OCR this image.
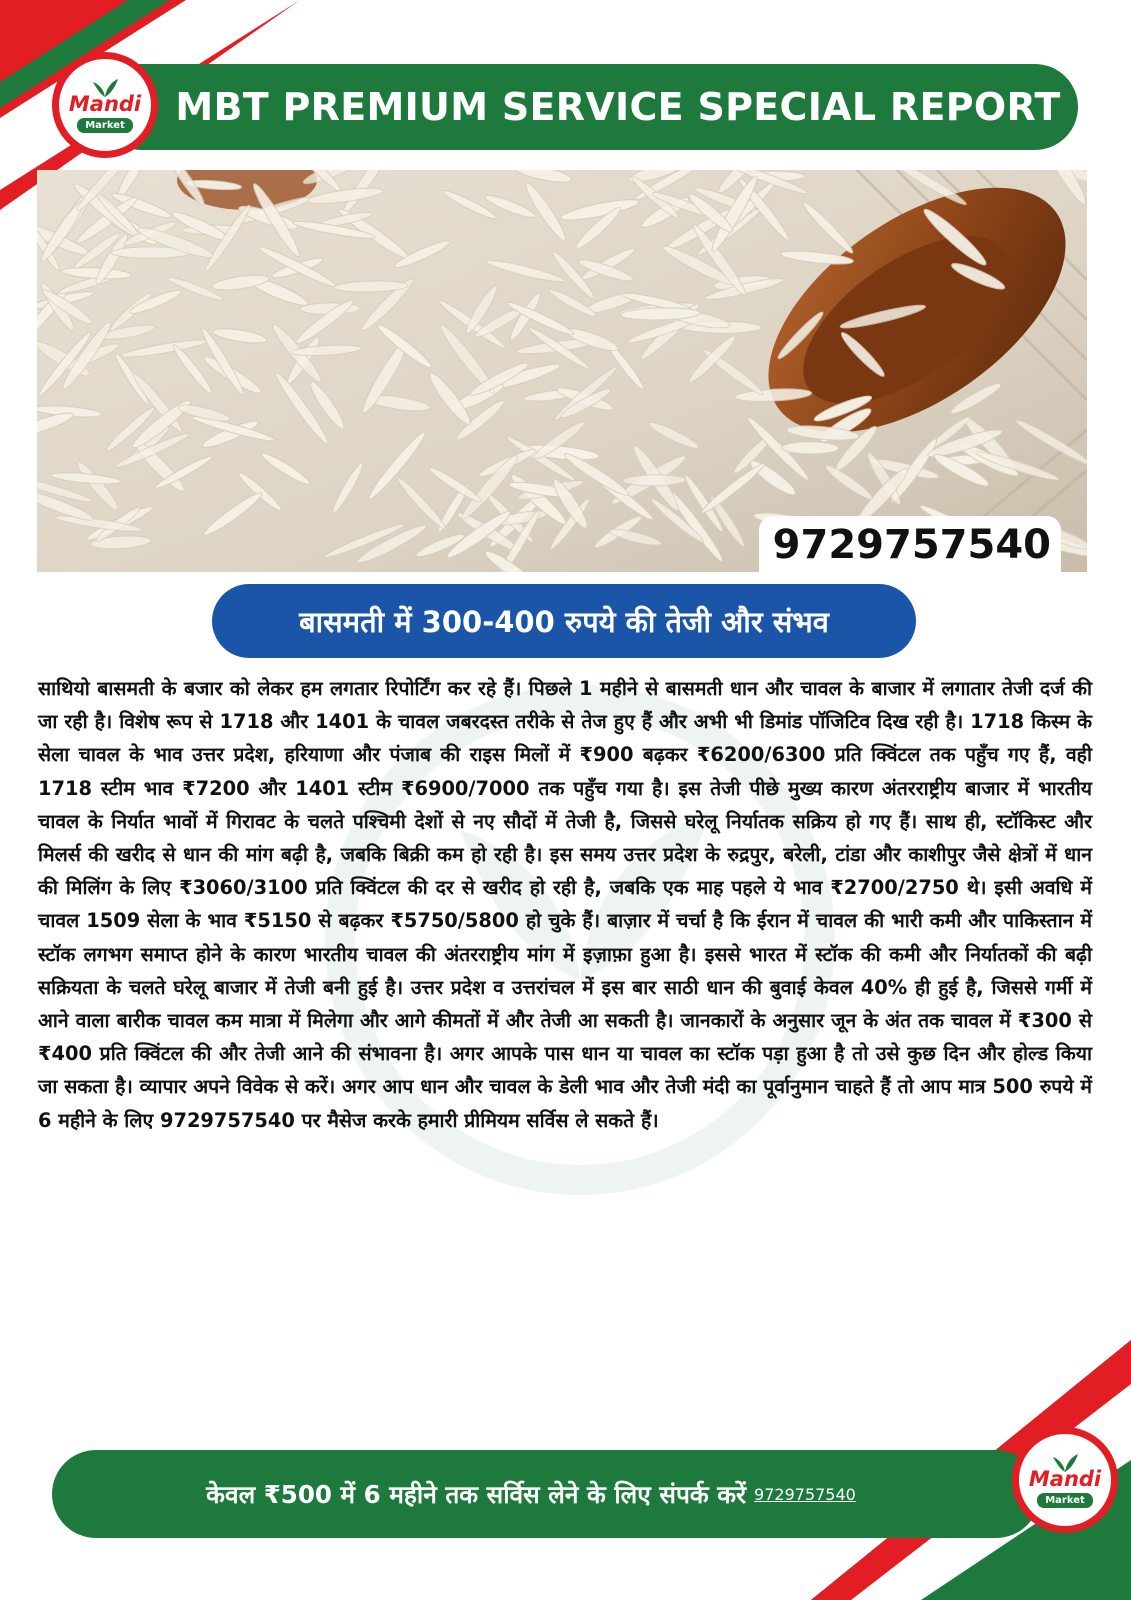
MBT PREMIUM SERVICE SPECIAL REPORT
Mandi
Market
9729757540
बासमती में 300-400 रुपये की तेजी और संभव

साथियो बासमती के बजार को लेकर हम लगतार रिपोर्टिंग कर रहे हैं। पिछले 1 महीने से बासमती धान और चावल के बाजार में लगातार तेजी दर्ज की जा रही है। विशेष रूप से 1718 और 1401 के चावल जबरदस्त तरीके से तेज हुए हैं और अभी भी डिमांड पॉजिटिव दिख रही है। 1718 किस्म के सेला चावल के भाव उत्तर प्रदेश, हरियाणा और पंजाब की राइस मिलों में ₹900 बढ़कर ₹6200/6300 प्रति क्विंटल तक पहुँच गए हैं, वही 1718 स्टीम भाव ₹7200 और 1401 स्टीम ₹6900/7000 तक पहुँच गया है। इस तेजी पीछे मुख्य कारण अंतरराष्ट्रीय बाजार में भारतीय चावल के निर्यात भावों में गिरावट के चलते पश्चिमी देशों से नए सौदों में तेजी है, जिससे घरेलू निर्यातक सक्रिय हो गए हैं। साथ ही, स्टॉकिस्ट और मिलर्स की खरीद से धान की मांग बढ़ी है, जबकि बिक्री कम हो रही है। इस समय उत्तर प्रदेश के रुद्रपुर, बरेली, टांडा और काशीपुर जैसे क्षेत्रों में धान की मिलिंग के लिए ₹3060/3100 प्रति क्विंटल की दर से खरीद हो रही है, जबकि एक माह पहले ये भाव ₹2700/2750 थे। इसी अवधि में चावल 1509 सेला के भाव ₹5150 से बढ़कर ₹5750/5800 हो चुके हैं। बाज़ार में चर्चा है कि ईरान में चावल की भारी कमी और पाकिस्तान में स्टॉक लगभग समाप्त होने के कारण भारतीय चावल की अंतरराष्ट्रीय मांग में इज़ाफ़ा हुआ है। इससे भारत में स्टॉक की कमी और निर्यातकों की बढ़ी सक्रियता के चलते घरेलू बाजार में तेजी बनी हुई है। उत्तर प्रदेश व उत्तरांचल में इस बार साठी धान की बुवाई केवल 40% ही हुई है, जिससे गर्मी में आने वाला बारीक चावल कम मात्रा में मिलेगा और आगे कीमतों में और तेजी आ सकती है। जानकारों के अनुसार जून के अंत तक चावल में ₹300 से ₹400 प्रति क्विंटल की और तेजी आने की संभावना है। अगर आपके पास धान या चावल का स्टॉक पड़ा हुआ है तो उसे कुछ दिन और होल्ड किया जा सकता है। व्यापार अपने विवेक से करें। अगर आप धान और चावल के डेली भाव और तेजी मंदी का पूर्वानुमान चाहते हैं तो आप मात्र 500 रुपये में 6 महीने के लिए 9729757540 पर मैसेज करके हमारी प्रीमियम सर्विस ले सकते हैं।

केवल ₹500 में 6 महीने तक सर्विस लेने के लिए संपर्क करें 9729757540
Mandi
Market
